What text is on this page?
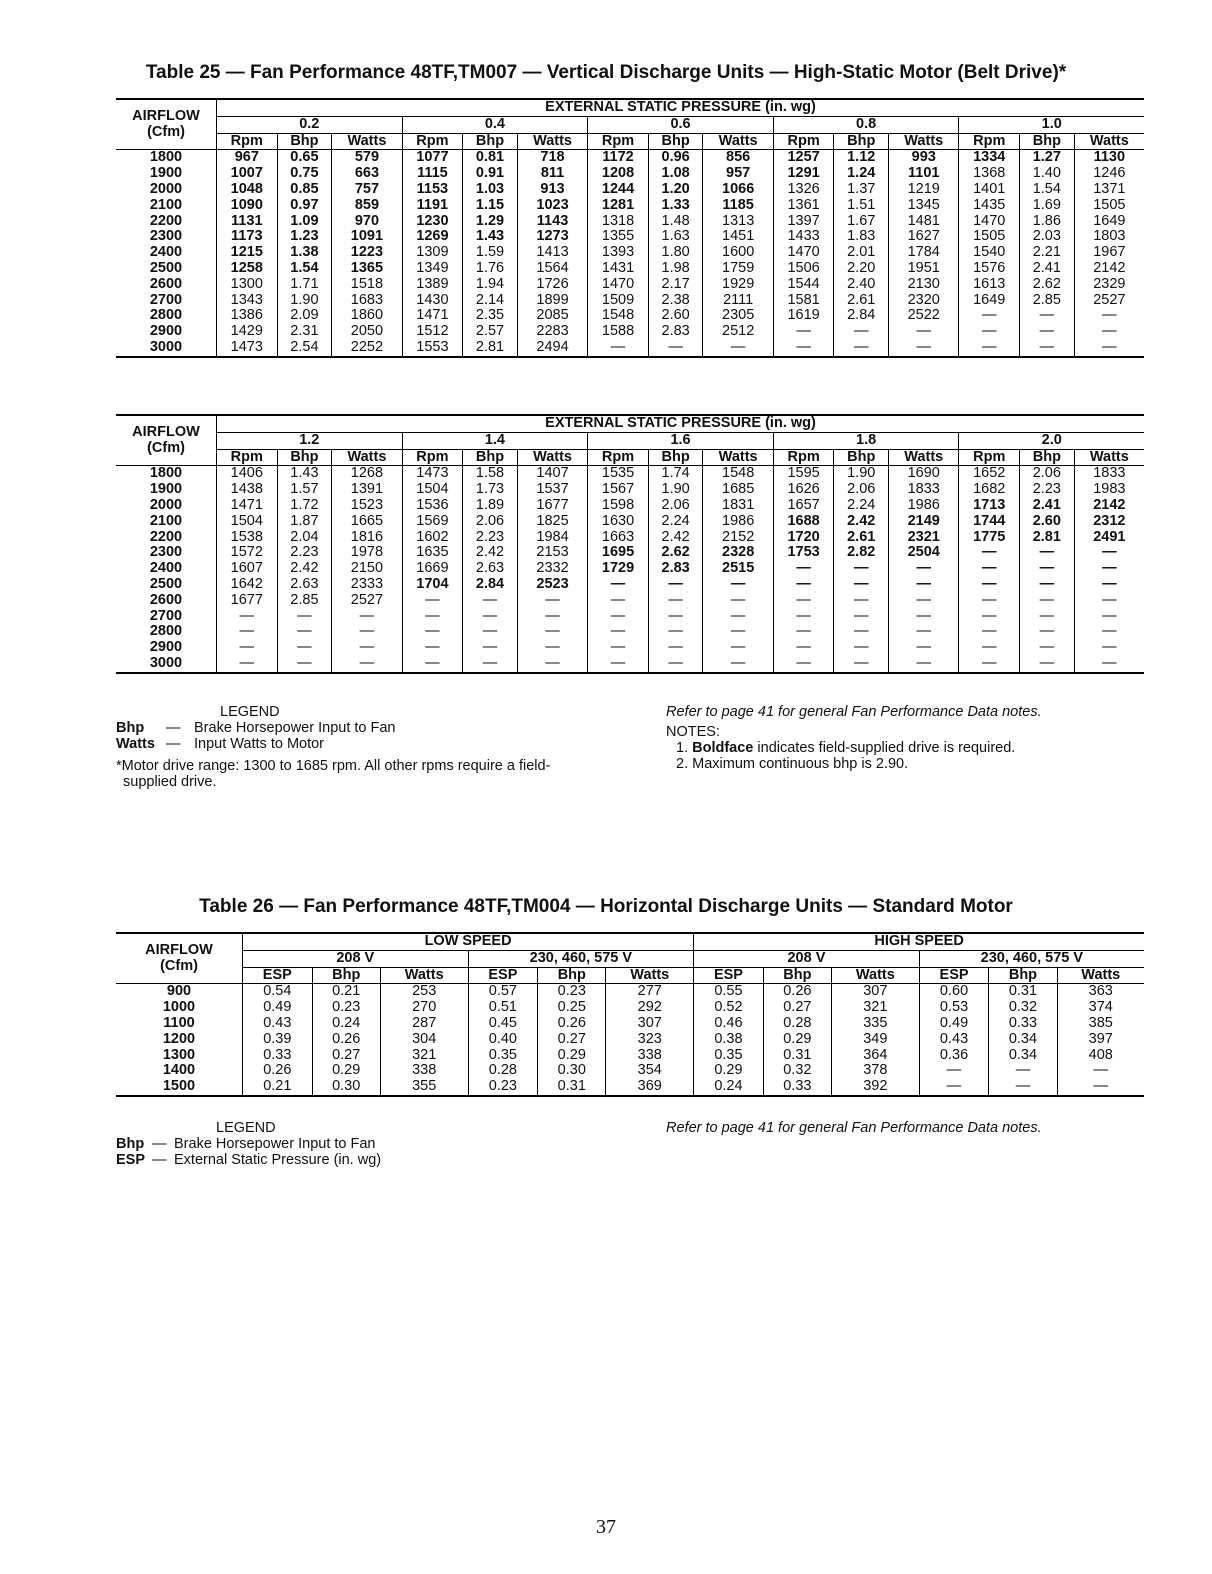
Table 25 — Fan Performance 48TF,TM007 — Vertical Discharge Units — High-Static Motor (Belt Drive)*
AIRFLOW
(Cfm)	EXTERNAL STATIC PRESSURE (in. wg)														
	0.2			0.4			0.6			0.8			1.0		
	Rpm	Bhp	Watts	Rpm	Bhp	Watts	Rpm	Bhp	Watts	Rpm	Bhp	Watts	Rpm	Bhp	Watts
1800	967	0.65	579	1077	0.81	718	1172	0.96	856	1257	1.12	993	1334	1.27	1130
1900	1007	0.75	663	1115	0.91	811	1208	1.08	957	1291	1.24	1101	1368	1.40	1246
2000	1048	0.85	757	1153	1.03	913	1244	1.20	1066	1326	1.37	1219	1401	1.54	1371
2100	1090	0.97	859	1191	1.15	1023	1281	1.33	1185	1361	1.51	1345	1435	1.69	1505
2200	1131	1.09	970	1230	1.29	1143	1318	1.48	1313	1397	1.67	1481	1470	1.86	1649
2300	1173	1.23	1091	1269	1.43	1273	1355	1.63	1451	1433	1.83	1627	1505	2.03	1803
2400	1215	1.38	1223	1309	1.59	1413	1393	1.80	1600	1470	2.01	1784	1540	2.21	1967
2500	1258	1.54	1365	1349	1.76	1564	1431	1.98	1759	1506	2.20	1951	1576	2.41	2142
2600	1300	1.71	1518	1389	1.94	1726	1470	2.17	1929	1544	2.40	2130	1613	2.62	2329
2700	1343	1.90	1683	1430	2.14	1899	1509	2.38	2111	1581	2.61	2320	1649	2.85	2527
2800	1386	2.09	1860	1471	2.35	2085	1548	2.60	2305	1619	2.84	2522	—	—	—
2900	1429	2.31	2050	1512	2.57	2283	1588	2.83	2512	—	—	—	—	—	—
3000	1473	2.54	2252	1553	2.81	2494	—	—	—	—	—	—	—	—	—
AIRFLOW
(Cfm)	EXTERNAL STATIC PRESSURE (in. wg)														
	1.2			1.4			1.6			1.8			2.0		
	Rpm	Bhp	Watts	Rpm	Bhp	Watts	Rpm	Bhp	Watts	Rpm	Bhp	Watts	Rpm	Bhp	Watts
1800	1406	1.43	1268	1473	1.58	1407	1535	1.74	1548	1595	1.90	1690	1652	2.06	1833
1900	1438	1.57	1391	1504	1.73	1537	1567	1.90	1685	1626	2.06	1833	1682	2.23	1983
2000	1471	1.72	1523	1536	1.89	1677	1598	2.06	1831	1657	2.24	1986	1713	2.41	2142
2100	1504	1.87	1665	1569	2.06	1825	1630	2.24	1986	1688	2.42	2149	1744	2.60	2312
2200	1538	2.04	1816	1602	2.23	1984	1663	2.42	2152	1720	2.61	2321	1775	2.81	2491
2300	1572	2.23	1978	1635	2.42	2153	1695	2.62	2328	1753	2.82	2504	—	—	—
2400	1607	2.42	2150	1669	2.63	2332	1729	2.83	2515	—	—	—	—	—	—
2500	1642	2.63	2333	1704	2.84	2523	—	—	—	—	—	—	—	—	—
2600	1677	2.85	2527	—	—	—	—	—	—	—	—	—	—	—	—
2700	—	—	—	—	—	—	—	—	—	—	—	—	—	—	—
2800	—	—	—	—	—	—	—	—	—	—	—	—	—	—	—
2900	—	—	—	—	—	—	—	—	—	—	—	—	—	—	—
3000	—	—	—	—	—	—	—	—	—	—	—	—	—	—	—
LEGEND
Bhp — Brake Horsepower Input to Fan
Watts — Input Watts to Motor
*Motor drive range: 1300 to 1685 rpm. All other rpms require a field-
supplied drive.
Refer to page 41 for general Fan Performance Data notes.
NOTES:
1. Boldface indicates field-supplied drive is required.
2. Maximum continuous bhp is 2.90.
Table 26 — Fan Performance 48TF,TM004 — Horizontal Discharge Units — Standard Motor
AIRFLOW
(Cfm)	LOW SPEED						HIGH SPEED					
	208 V			230, 460, 575 V			208 V			230, 460, 575 V		
	ESP	Bhp	Watts	ESP	Bhp	Watts	ESP	Bhp	Watts	ESP	Bhp	Watts
900	0.54	0.21	253	0.57	0.23	277	0.55	0.26	307	0.60	0.31	363
1000	0.49	0.23	270	0.51	0.25	292	0.52	0.27	321	0.53	0.32	374
1100	0.43	0.24	287	0.45	0.26	307	0.46	0.28	335	0.49	0.33	385
1200	0.39	0.26	304	0.40	0.27	323	0.38	0.29	349	0.43	0.34	397
1300	0.33	0.27	321	0.35	0.29	338	0.35	0.31	364	0.36	0.34	408
1400	0.26	0.29	338	0.28	0.30	354	0.29	0.32	378	—	—	—
1500	0.21	0.30	355	0.23	0.31	369	0.24	0.33	392	—	—	—
LEGEND
Bhp — Brake Horsepower Input to Fan
ESP — External Static Pressure (in. wg)
Refer to page 41 for general Fan Performance Data notes.
37
